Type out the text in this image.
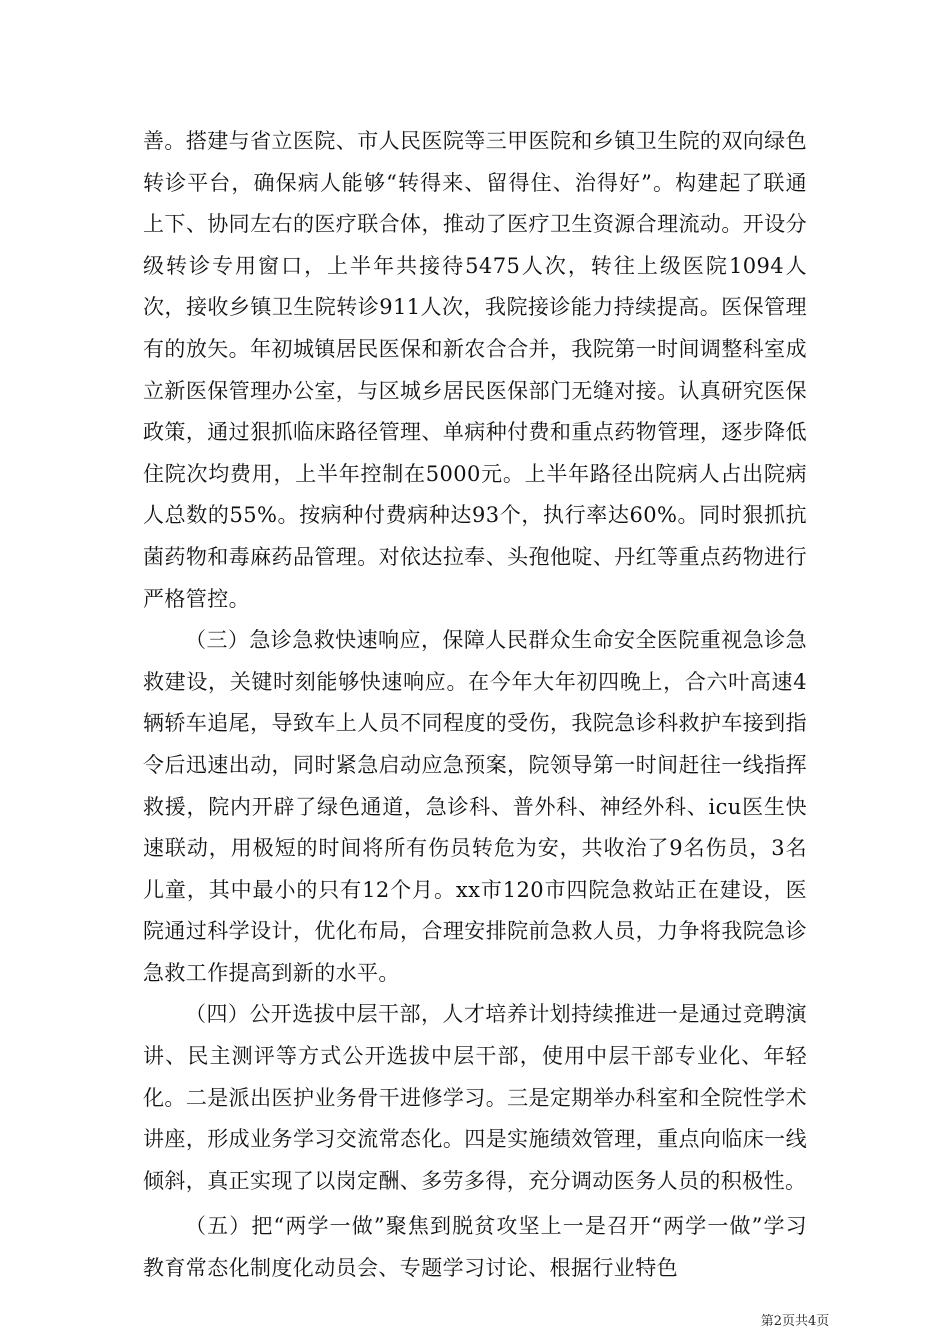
善。搭建与省立医院、市人民医院等三甲医院和乡镇卫生院的双向绿色转诊平台，确保病人能够“转得来、留得住、治得好”。构建起了联通上下、协同左右的医疗联合体，推动了医疗卫生资源合理流动。开设分级转诊专用窗口，上半年共接待5475人次，转往上级医院1094人次，接收乡镇卫生院转诊911人次，我院接诊能力持续提高。医保管理有的放矢。年初城镇居民医保和新农合合并，我院第一时间调整科室成立新医保管理办公室，与区城乡居民医保部门无缝对接。认真研究医保政策，通过狠抓临床路径管理、单病种付费和重点药物管理，逐步降低住院次均费用，上半年控制在5000元。上半年路径出院病人占出院病人总数的55%。按病种付费病种达93个，执行率达60%。同时狠抓抗菌药物和毒麻药品管理。对依达拉奉、头孢他啶、丹红等重点药物进行严格管控。

（三）急诊急救快速响应，保障人民群众生命安全医院重视急诊急救建设，关键时刻能够快速响应。在今年大年初四晚上，合六叶高速4辆轿车追尾，导致车上人员不同程度的受伤，我院急诊科救护车接到指令后迅速出动，同时紧急启动应急预案，院领导第一时间赶往一线指挥救援，院内开辟了绿色通道，急诊科、普外科、神经外科、icu医生快速联动，用极短的时间将所有伤员转危为安，共收治了9名伤员，3名儿童，其中最小的只有12个月。xx市120市四院急救站正在建设，医院通过科学设计，优化布局，合理安排院前急救人员，力争将我院急诊急救工作提高到新的水平。

（四）公开选拔中层干部，人才培养计划持续推进一是通过竞聘演讲、民主测评等方式公开选拔中层干部，使用中层干部专业化、年轻化。二是派出医护业务骨干进修学习。三是定期举办科室和全院性学术讲座，形成业务学习交流常态化。四是实施绩效管理，重点向临床一线倾斜，真正实现了以岗定酬、多劳多得，充分调动医务人员的积极性。

（五）把“两学一做”聚焦到脱贫攻坚上一是召开“两学一做”学习教育常态化制度化动员会、专题学习讨论、根据行业特色

第2页共4页
